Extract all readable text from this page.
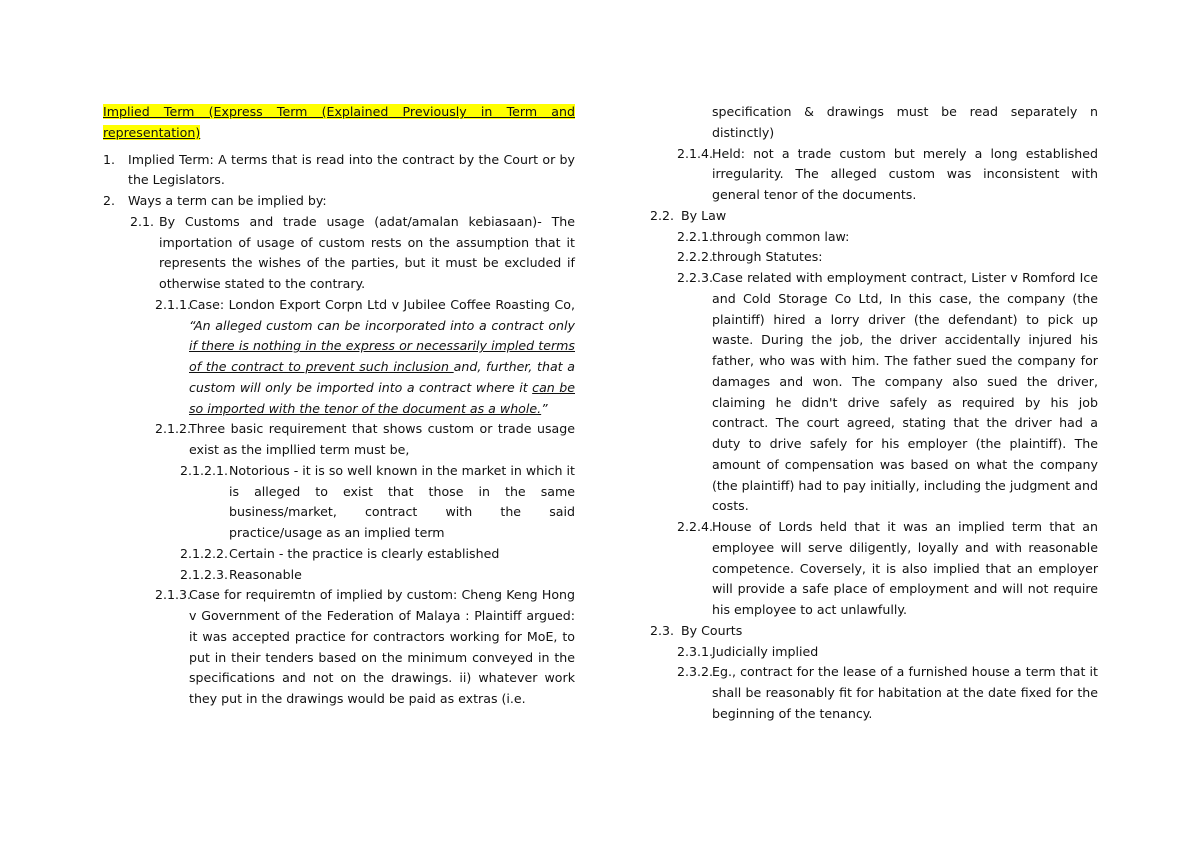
Implied Term (Express Term (Explained Previously in Term and representation)
1. Implied Term: A terms that is read into the contract by the Court or by the Legislators.
2. Ways a term can be implied by:
2.1. By Customs and trade usage (adat/amalan kebiasaan)- The importation of usage of custom rests on the assumption that it represents the wishes of the parties, but it must be excluded if otherwise stated to the contrary.
2.1.1.
Case: London Export Corpn Ltd v Jubilee Coffee Roasting Co, “An alleged custom can be incorporated into a contract only if there is nothing in the express or necessarily impled terms of the contract to prevent such inclusion and, further, that a custom will only be imported into a contract where it can be so imported with the tenor of the document as a whole.”
2.1.2.
Three basic requirement that shows custom or trade usage exist as the impllied term must be,
2.1.2.1. Notorious - it is so well known in the market in which it is alleged to exist that those in the same business/market, contract with the said practice/usage as an implied term
2.1.2.2. Certain - the practice is clearly established
2.1.2.3. Reasonable
2.1.3.
Case for requiremtn of implied by custom: Cheng Keng Hong v Government of the Federation of Malaya : Plaintiff argued: it was accepted practice for contractors working for MoE, to put in their tenders based on the minimum conveyed in the specifications and not on the drawings. ii) whatever work they put in the drawings would be paid as extras (i.e.
specification & drawings must be read separately n distinctly)
2.1.4.
Held: not a trade custom but merely a long established irregularity. The alleged custom was inconsistent with general tenor of the documents.
2.2. By Law
2.2.1.
through common law:
2.2.2.
through Statutes:
2.2.3.
Case related with employment contract, Lister v Romford Ice and Cold Storage Co Ltd, In this case, the company (the plaintiff) hired a lorry driver (the defendant) to pick up waste. During the job, the driver accidentally injured his father, who was with him. The father sued the company for damages and won. The company also sued the driver, claiming he didn't drive safely as required by his job contract. The court agreed, stating that the driver had a duty to drive safely for his employer (the plaintiff). The amount of compensation was based on what the company (the plaintiff) had to pay initially, including the judgment and costs.
2.2.4.
House of Lords held that it was an implied term that an employee will serve diligently, loyally and with reasonable competence. Coversely, it is also implied that an employer will provide a safe place of employment and will not require his employee to act unlawfully.
2.3. By Courts
2.3.1.
Judicially implied
2.3.2.
Eg., contract for the lease of a furnished house a term that it shall be reasonably fit for habitation at the date fixed for the beginning of the tenancy.
